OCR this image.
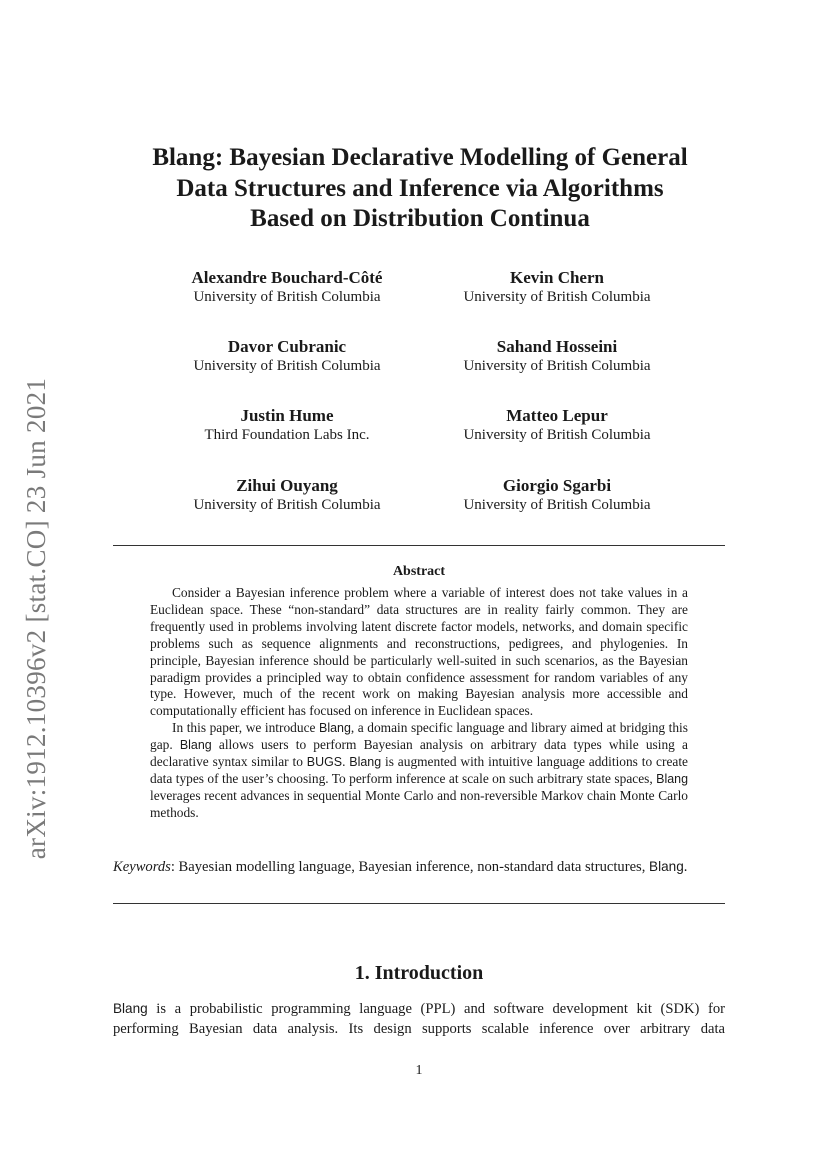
arXiv:1912.10396v2 [stat.CO] 23 Jun 2021
Blang: Bayesian Declarative Modelling of General
Data Structures and Inference via Algorithms
Based on Distribution Continua
Alexandre Bouchard-Côté
University of British Columbia
Kevin Chern
University of British Columbia
Davor Cubranic
University of British Columbia
Sahand Hosseini
University of British Columbia
Justin Hume
Third Foundation Labs Inc.
Matteo Lepur
University of British Columbia
Zihui Ouyang
University of British Columbia
Giorgio Sgarbi
University of British Columbia
Abstract

Consider a Bayesian inference problem where a variable of interest does not take values in a Euclidean space. These “non-standard” data structures are in reality fairly common. They are frequently used in problems involving latent discrete factor models, networks, and domain specific problems such as sequence alignments and reconstructions, pedigrees, and phylogenies. In principle, Bayesian inference should be particularly well-suited in such scenarios, as the Bayesian paradigm provides a principled way to obtain confidence assessment for random variables of any type. However, much of the recent work on making Bayesian analysis more accessible and computationally efficient has focused on inference in Euclidean spaces.

In this paper, we introduce Blang, a domain specific language and library aimed at bridging this gap. Blang allows users to perform Bayesian analysis on arbitrary data types while using a declarative syntax similar to BUGS. Blang is augmented with intuitive language additions to create data types of the user’s choosing. To perform inference at scale on such arbitrary state spaces, Blang leverages recent advances in sequential Monte Carlo and non-reversible Markov chain Monte Carlo methods.

Keywords: Bayesian modelling language, Bayesian inference, non-standard data structures, Blang.
1. Introduction
Blang is a probabilistic programming language (PPL) and software development kit (SDK) for
performing Bayesian data analysis. Its design supports scalable inference over arbitrary data
1
